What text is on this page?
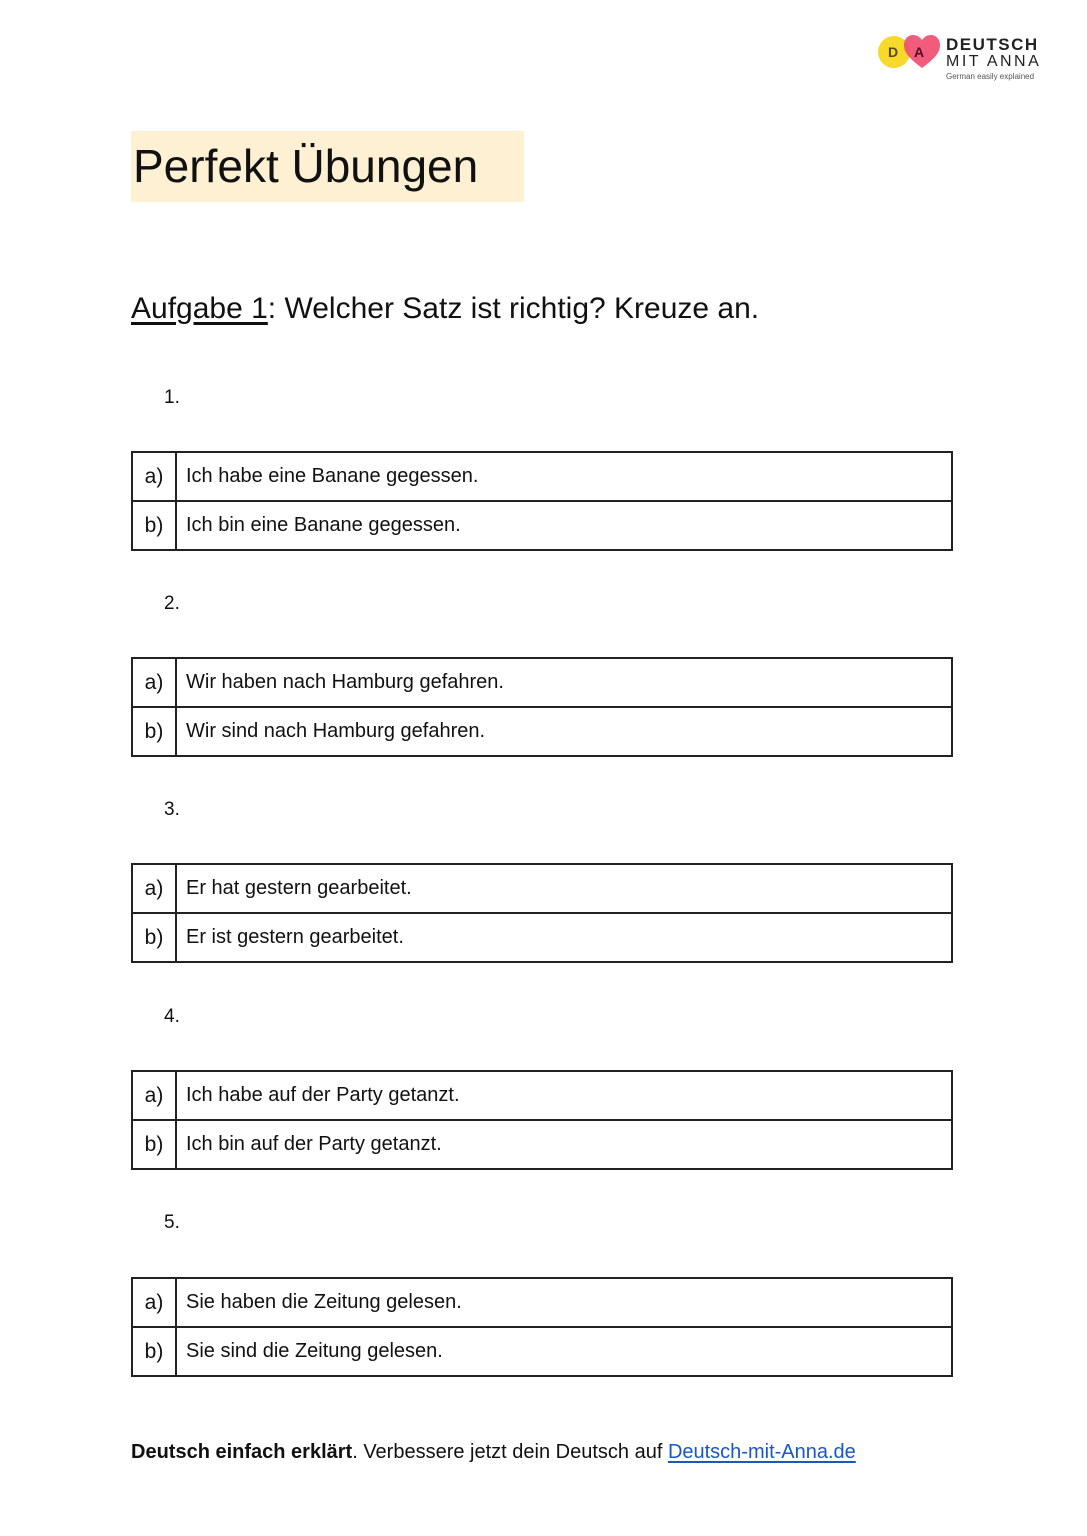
D A DEUTSCH
MIT ANNA
German easily explained
Perfekt Übungen
Aufgabe 1: Welcher Satz ist richtig? Kreuze an.
1.
a)	Ich habe eine Banane gegessen.
b)	Ich bin eine Banane gegessen.
2.
a)	Wir haben nach Hamburg gefahren.
b)	Wir sind nach Hamburg gefahren.
3.
a)	Er hat gestern gearbeitet.
b)	Er ist gestern gearbeitet.
4.
a)	Ich habe auf der Party getanzt.
b)	Ich bin auf der Party getanzt.
5.
a)	Sie haben die Zeitung gelesen.
b)	Sie sind die Zeitung gelesen.
Deutsch einfach erklärt. Verbessere jetzt dein Deutsch auf Deutsch-mit-Anna.de
